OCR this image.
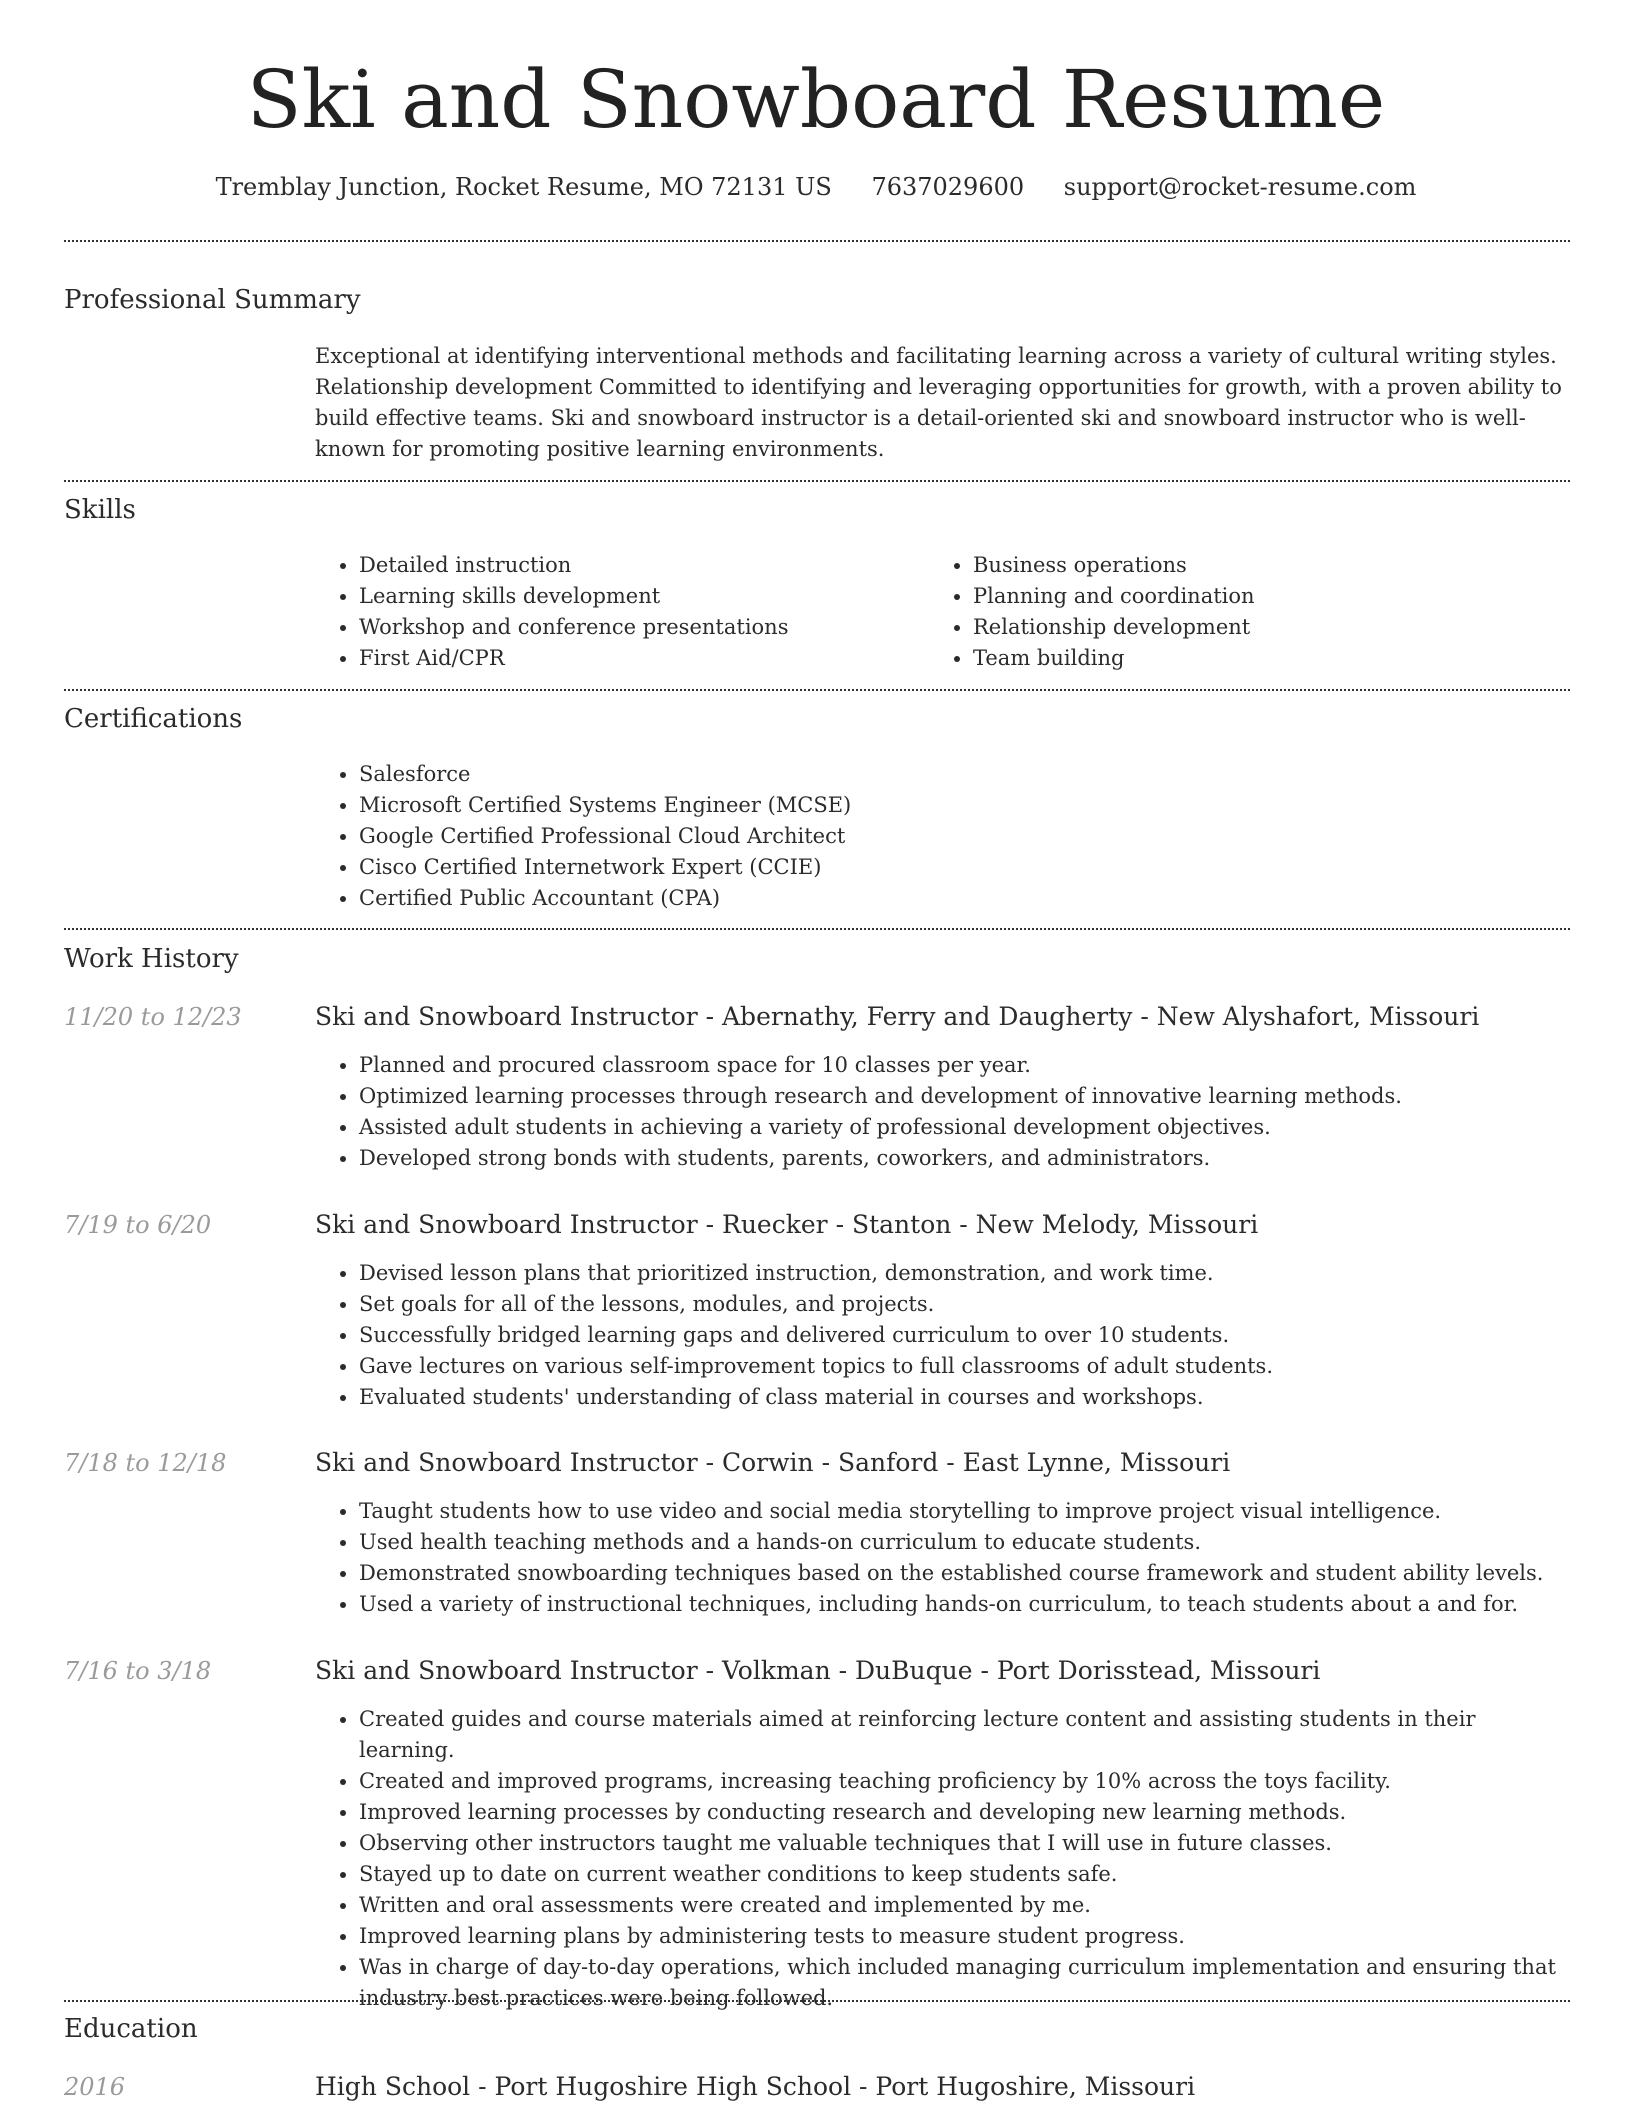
Ski and Snowboard Resume
Tremblay Junction, Rocket Resume, MO 72131 US 7637029600 support@rocket-resume.com
Professional Summary

Exceptional at identifying interventional methods and facilitating learning across a variety of cultural writing styles. Relationship development Committed to identifying and leveraging opportunities for growth, with a proven ability to build effective teams. Ski and snowboard instructor is a detail-oriented ski and snowboard instructor who is well-known for promoting positive learning environments.

Skills
• Detailed instruction
• Learning skills development
• Workshop and conference presentations
• First Aid/CPR
• Business operations
• Planning and coordination
• Relationship development
• Team building
Certifications
• Salesforce
• Microsoft Certified Systems Engineer (MCSE)
• Google Certified Professional Cloud Architect
• Cisco Certified Internetwork Expert (CCIE)
• Certified Public Accountant (CPA)
Work History
11/20 to 12/23	Ski and Snowboard Instructor - Abernathy, Ferry and Daugherty - New Alyshafort, Missouri
• Planned and procured classroom space for 10 classes per year.
• Optimized learning processes through research and development of innovative learning methods.
• Assisted adult students in achieving a variety of professional development objectives.
• Developed strong bonds with students, parents, coworkers, and administrators.
7/19 to 6/20	Ski and Snowboard Instructor - Ruecker - Stanton - New Melody, Missouri
• Devised lesson plans that prioritized instruction, demonstration, and work time.
• Set goals for all of the lessons, modules, and projects.
• Successfully bridged learning gaps and delivered curriculum to over 10 students.
• Gave lectures on various self-improvement topics to full classrooms of adult students.
• Evaluated students' understanding of class material in courses and workshops.
7/18 to 12/18	Ski and Snowboard Instructor - Corwin - Sanford - East Lynne, Missouri
• Taught students how to use video and social media storytelling to improve project visual intelligence.
• Used health teaching methods and a hands-on curriculum to educate students.
• Demonstrated snowboarding techniques based on the established course framework and student ability levels.
• Used a variety of instructional techniques, including hands-on curriculum, to teach students about a and for.
7/16 to 3/18	Ski and Snowboard Instructor - Volkman - DuBuque - Port Dorisstead, Missouri
• Created guides and course materials aimed at reinforcing lecture content and assisting students in their learning.
• Created and improved programs, increasing teaching proficiency by 10% across the toys facility.
• Improved learning processes by conducting research and developing new learning methods.
• Observing other instructors taught me valuable techniques that I will use in future classes.
• Stayed up to date on current weather conditions to keep students safe.
• Written and oral assessments were created and implemented by me.
• Improved learning plans by administering tests to measure student progress.
• Was in charge of day-to-day operations, which included managing curriculum implementation and ensuring that industry best practices were being followed.
Education
2016	High School - Port Hugoshire High School - Port Hugoshire, Missouri
